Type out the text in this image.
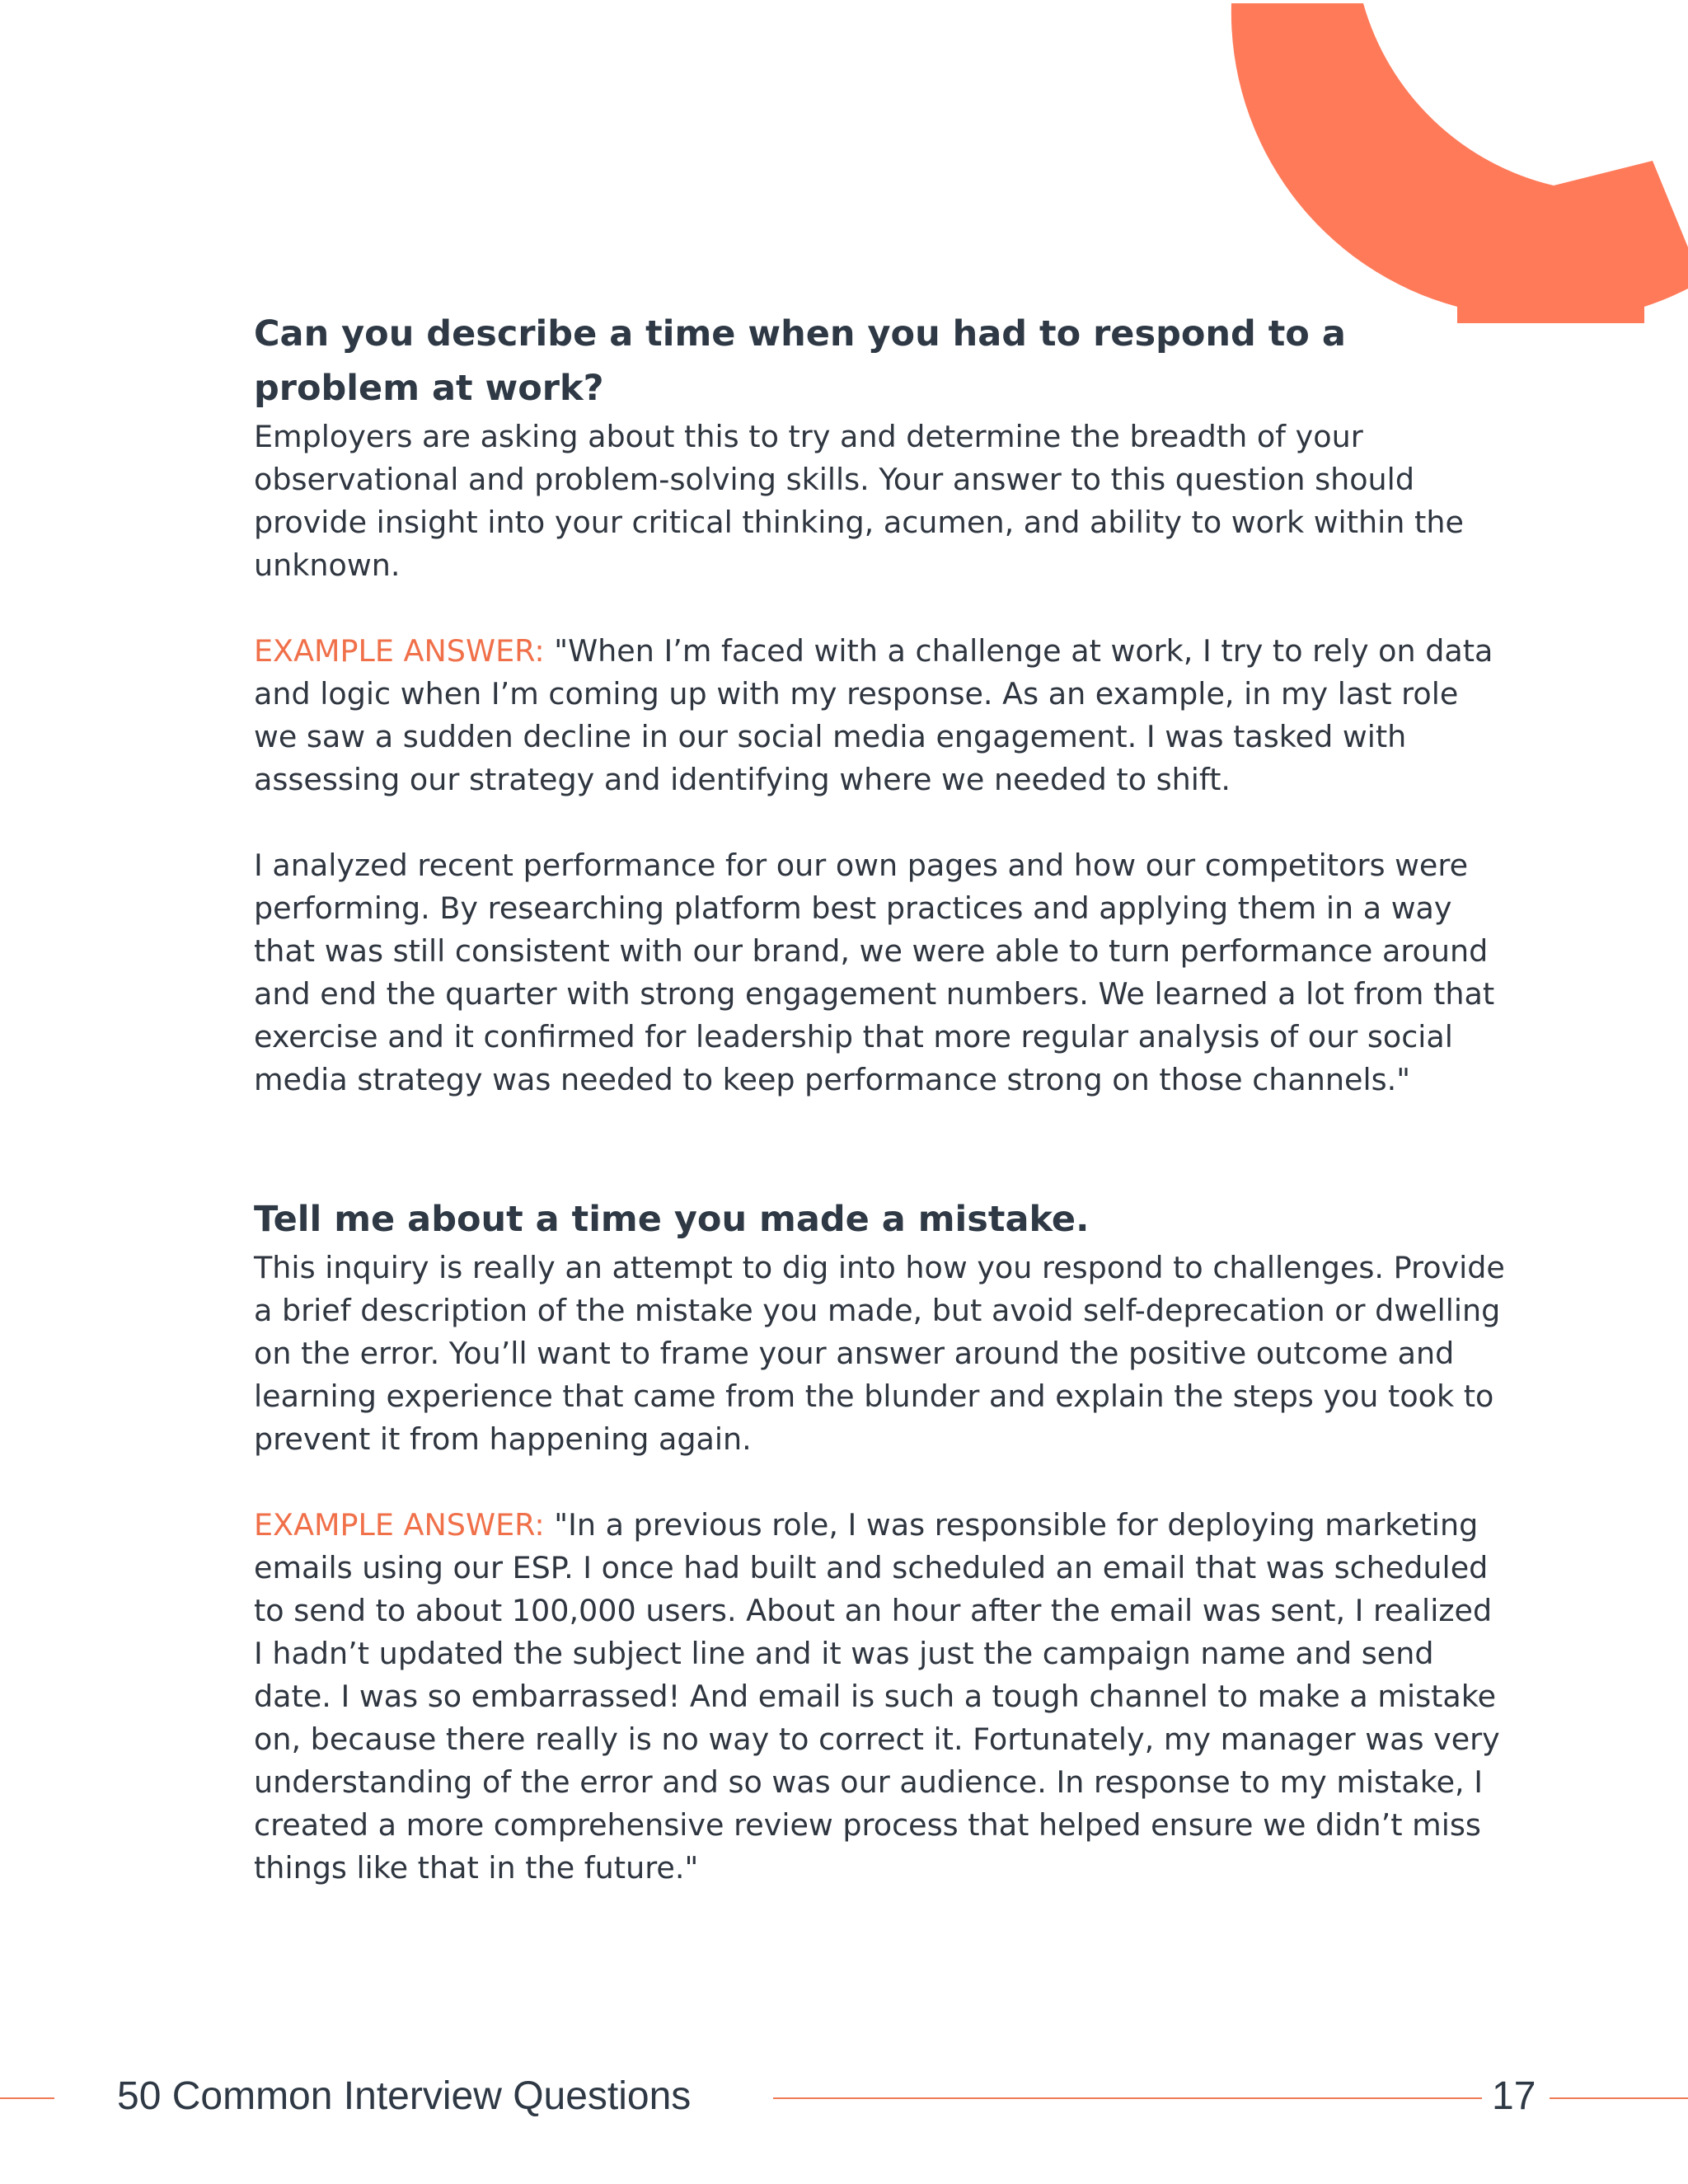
Can you describe a time when you had to respond to a problem at work?

Employers are asking about this to try and determine the breadth of your observational and problem-solving skills. Your answer to this question should provide insight into your critical thinking, acumen, and ability to work within the unknown.

EXAMPLE ANSWER: "When I’m faced with a challenge at work, I try to rely on data and logic when I’m coming up with my response. As an example, in my last role we saw a sudden decline in our social media engagement. I was tasked with assessing our strategy and identifying where we needed to shift.

I analyzed recent performance for our own pages and how our competitors were performing. By researching platform best practices and applying them in a way that was still consistent with our brand, we were able to turn performance around and end the quarter with strong engagement numbers. We learned a lot from that exercise and it confirmed for leadership that more regular analysis of our social media strategy was needed to keep performance strong on those channels."

Tell me about a time you made a mistake.

This inquiry is really an attempt to dig into how you respond to challenges. Provide a brief description of the mistake you made, but avoid self-deprecation or dwelling on the error. You’ll want to frame your answer around the positive outcome and learning experience that came from the blunder and explain the steps you took to prevent it from happening again.

EXAMPLE ANSWER: "In a previous role, I was responsible for deploying marketing emails using our ESP. I once had built and scheduled an email that was scheduled to send to about 100,000 users. About an hour after the email was sent, I realized I hadn’t updated the subject line and it was just the campaign name and send date. I was so embarrassed! And email is such a tough channel to make a mistake on, because there really is no way to correct it. Fortunately, my manager was very understanding of the error and so was our audience. In response to my mistake, I created a more comprehensive review process that helped ensure we didn’t miss things like that in the future."

50 Common Interview Questions	17
